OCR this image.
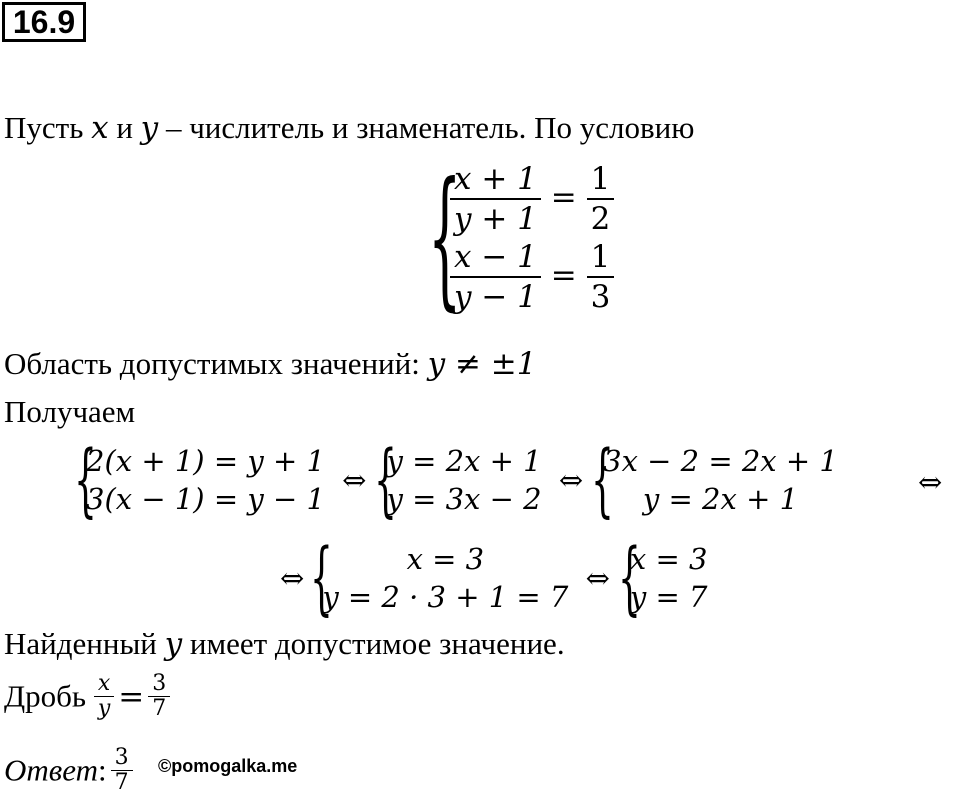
16.9
Пусть x и y – числитель и знаменатель. По условию
{
$\frac{x + 1}{y + 1} = \frac{1}{2}$
$\frac{x - 1}{y - 1} = \frac{1}{3}$
Область допустимых значений: y ≠ ±1
Получаем
{
2(x + 1) = y + 1
3(x − 1) = y − 1
⇔ {
y = 2x + 1
y = 3x − 2
⇔ {
3x − 2 = 2x + 1
y = 2x + 1	⇔
⇔{	x = 3
y = 2 · 3 + 1 = 7
⇔ {
x = 3
y = 7
Найденный y имеет допустимое значение.
Дробь $\frac{x}{y} = \frac{3}{7}$
Ответ: $\frac{3}{7}$ ©pomogalka.me
